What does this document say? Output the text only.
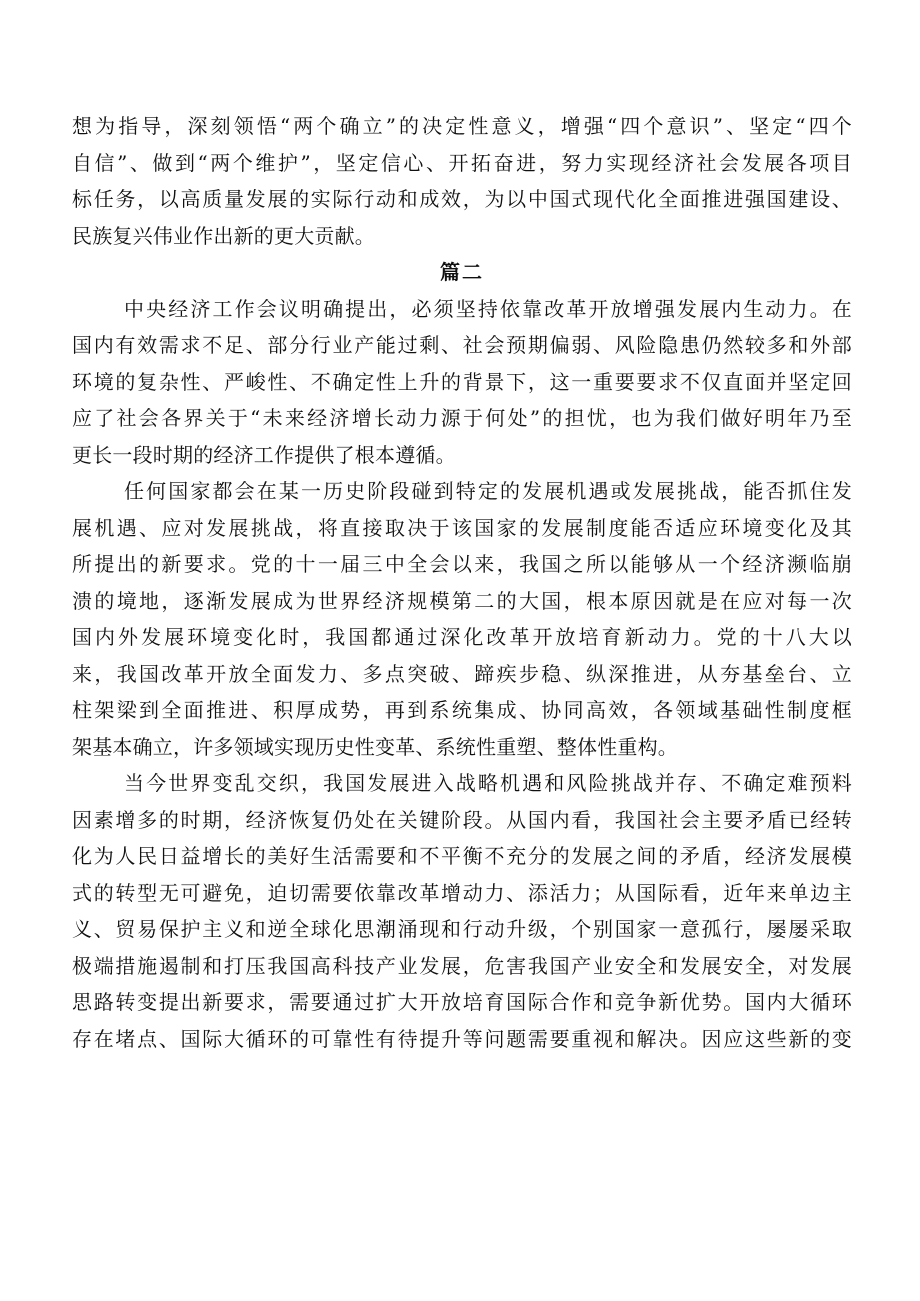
想为指导，深刻领悟“两个确立”的决定性意义，增强“四个意识”、坚定“四个
自信”、做到“两个维护”，坚定信心、开拓奋进，努力实现经济社会发展各项目
标任务，以高质量发展的实际行动和成效，为以中国式现代化全面推进强国建设、
民族复兴伟业作出新的更大贡献。
篇二
中央经济工作会议明确提出，必须坚持依靠改革开放增强发展内生动力。在
国内有效需求不足、部分行业产能过剩、社会预期偏弱、风险隐患仍然较多和外部
环境的复杂性、严峻性、不确定性上升的背景下，这一重要要求不仅直面并坚定回
应了社会各界关于“未来经济增长动力源于何处”的担忧，也为我们做好明年乃至
更长一段时期的经济工作提供了根本遵循。
任何国家都会在某一历史阶段碰到特定的发展机遇或发展挑战，能否抓住发
展机遇、应对发展挑战，将直接取决于该国家的发展制度能否适应环境变化及其
所提出的新要求。党的十一届三中全会以来，我国之所以能够从一个经济濒临崩
溃的境地，逐渐发展成为世界经济规模第二的大国，根本原因就是在应对每一次
国内外发展环境变化时，我国都通过深化改革开放培育新动力。党的十八大以
来，我国改革开放全面发力、多点突破、蹄疾步稳、纵深推进，从夯基垒台、立
柱架梁到全面推进、积厚成势，再到系统集成、协同高效，各领域基础性制度框
架基本确立，许多领域实现历史性变革、系统性重塑、整体性重构。
当今世界变乱交织，我国发展进入战略机遇和风险挑战并存、不确定难预料
因素增多的时期，经济恢复仍处在关键阶段。从国内看，我国社会主要矛盾已经转
化为人民日益增长的美好生活需要和不平衡不充分的发展之间的矛盾，经济发展模
式的转型无可避免，迫切需要依靠改革增动力、添活力；从国际看，近年来单边主
义、贸易保护主义和逆全球化思潮涌现和行动升级，个别国家一意孤行，屡屡采取
极端措施遏制和打压我国高科技产业发展，危害我国产业安全和发展安全，对发展
思路转变提出新要求，需要通过扩大开放培育国际合作和竞争新优势。国内大循环
存在堵点、国际大循环的可靠性有待提升等问题需要重视和解决。因应这些新的变
